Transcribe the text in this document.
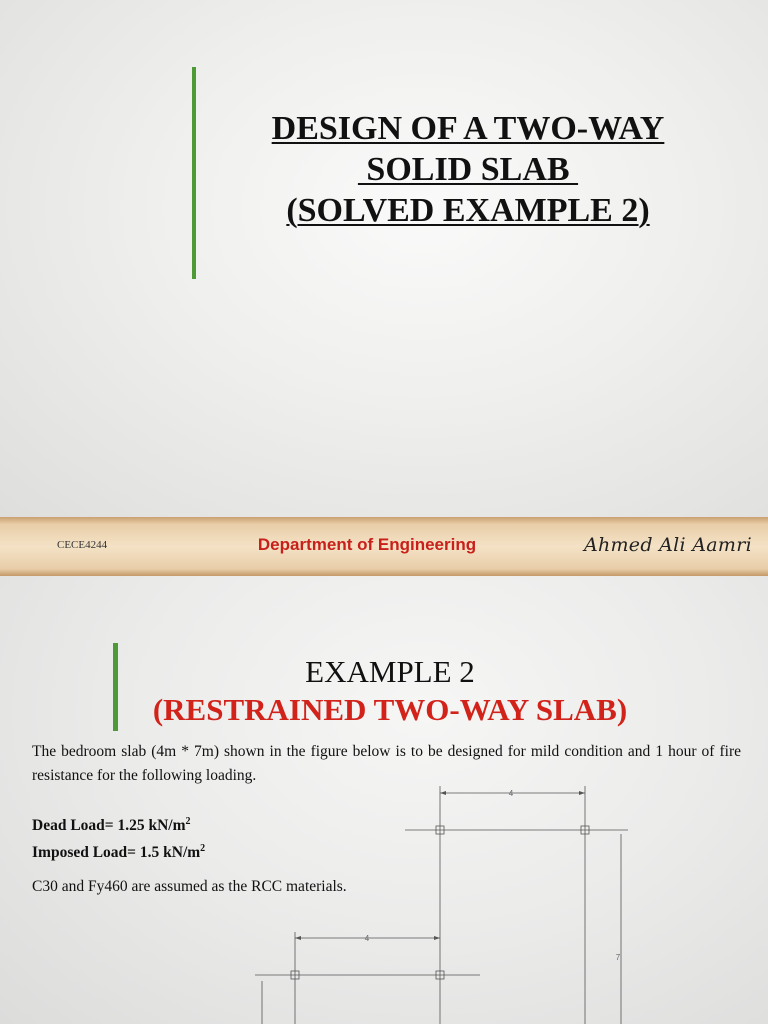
DESIGN OF A TWO-WAY
SOLID SLAB
(SOLVED EXAMPLE 2)
CECE4244	Department of Engineering	Ahmed Ali Aamri
EXAMPLE 2
(RESTRAINED TWO-WAY SLAB)
The bedroom slab (4m * 7m) shown in the figure below is to be designed for mild condition and 1 hour of fire resistance for the following loading.
Dead Load= 1.25 $kN/m^2$
Imposed Load= 1.5 $kN/m^2$
C30 and Fy460 are assumed as the RCC materials.
4
4
7
